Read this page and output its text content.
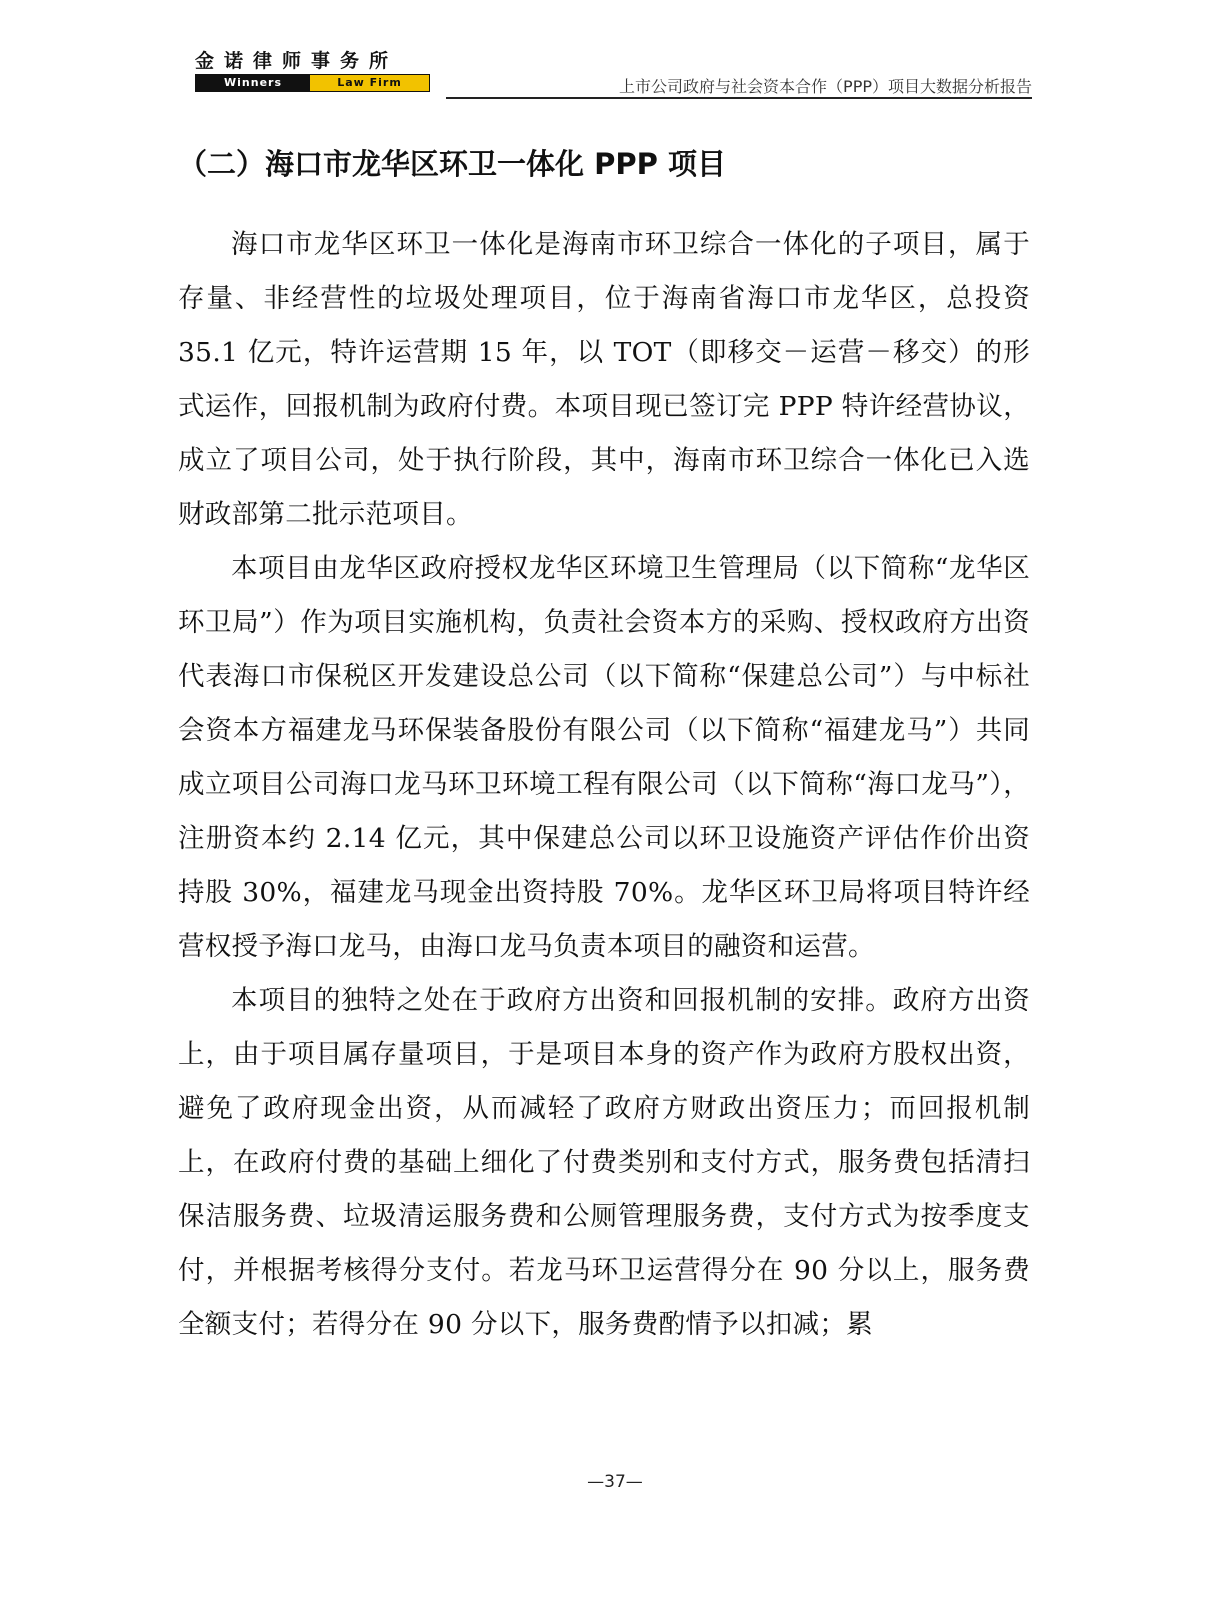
金诺律师事务所
Winners	Law Firm	上市公司政府与社会资本合作（PPP）项目大数据分析报告
（二）海口市龙华区环卫一体化 PPP 项目

海口市龙华区环卫一体化是海南市环卫综合一体化的子项目，属于存量、非经营性的垃圾处理项目，位于海南省海口市龙华区，总投资 35.1 亿元，特许运营期 15 年，以 TOT（即移交－运营－移交）的形式运作，回报机制为政府付费。本项目现已签订完 PPP 特许经营协议，成立了项目公司，处于执行阶段，其中，海南市环卫综合一体化已入选财政部第二批示范项目。

本项目由龙华区政府授权龙华区环境卫生管理局（以下简称“龙华区环卫局”）作为项目实施机构，负责社会资本方的采购、授权政府方出资代表海口市保税区开发建设总公司（以下简称“保建总公司”）与中标社会资本方福建龙马环保装备股份有限公司（以下简称“福建龙马”）共同成立项目公司海口龙马环卫环境工程有限公司（以下简称“海口龙马”），注册资本约 2.14 亿元，其中保建总公司以环卫设施资产评估作价出资持股 30%，福建龙马现金出资持股 70%。龙华区环卫局将项目特许经营权授予海口龙马，由海口龙马负责本项目的融资和运营。

本项目的独特之处在于政府方出资和回报机制的安排。政府方出资上，由于项目属存量项目，于是项目本身的资产作为政府方股权出资，避免了政府现金出资，从而减轻了政府方财政出资压力；而回报机制上，在政府付费的基础上细化了付费类别和支付方式，服务费包括清扫保洁服务费、垃圾清运服务费和公厕管理服务费，支付方式为按季度支付，并根据考核得分支付。若龙马环卫运营得分在 90 分以上，服务费全额支付；若得分在 90 分以下，服务费酌情予以扣减；累

—37—
